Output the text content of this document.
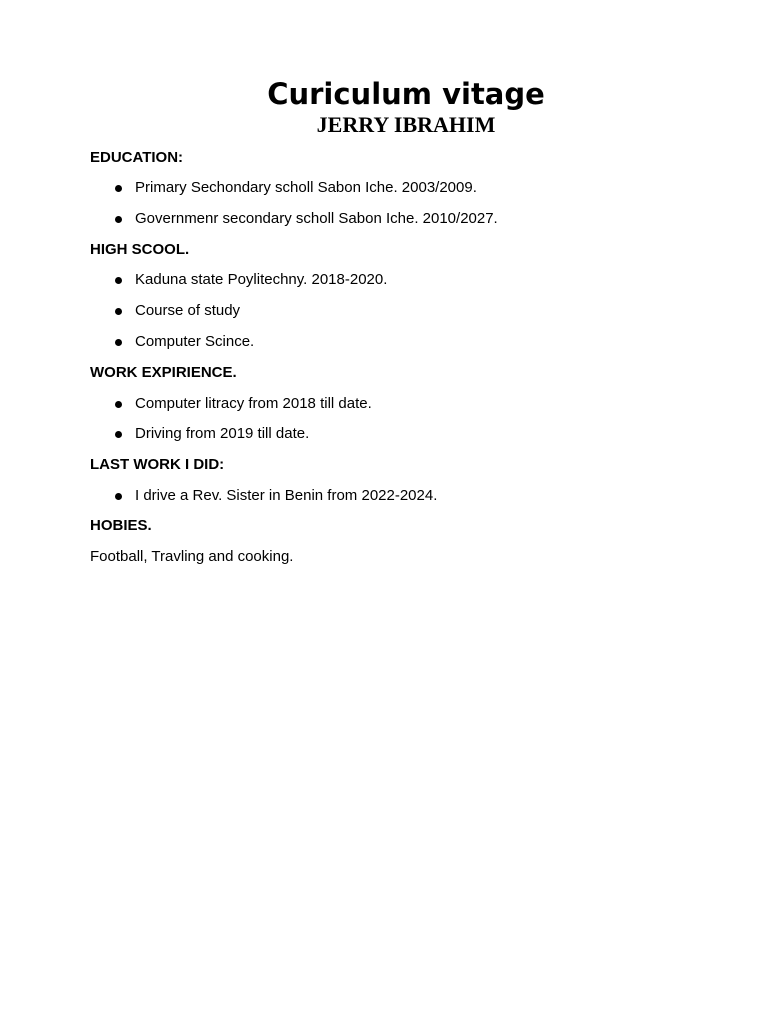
Curiculum vitage
JERRY IBRAHIM
EDUCATION:
Primary Sechondary scholl Sabon Iche. 2003/2009.
Governmenr secondary scholl Sabon Iche. 2010/2027.
HIGH SCOOL.
Kaduna state Poylitechny. 2018-2020.
Course of study
Computer Scince.
WORK EXPIRIENCE.
Computer litracy from 2018 till date.
Driving from 2019 till date.
LAST WORK I DID:
I drive a Rev. Sister in Benin from 2022-2024.
HOBIES.
Football, Travling and cooking.
